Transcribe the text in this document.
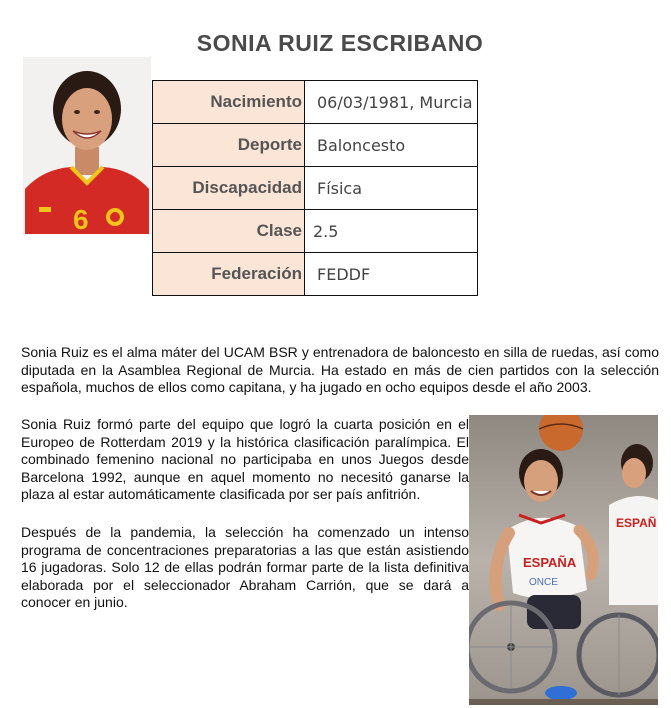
SONIA RUIZ ESCRIBANO
6
Nacimiento	06/03/1981, Murcia
Deporte	Baloncesto
Discapacidad	Física
Clase	2.5
Federación	FEDDF

Sonia Ruiz es el alma máter del UCAM BSR y entrenadora de baloncesto en silla de ruedas, así como diputada en la Asamblea Regional de Murcia. Ha estado en más de cien partidos con la selección española, muchos de ellos como capitana, y ha jugado en ocho equipos desde el año 2003.

Sonia Ruiz formó parte del equipo que logró la cuarta posición en el Europeo de Rotterdam 2019 y la histórica clasificación paralímpica. El combinado femenino nacional no participaba en unos Juegos desde Barcelona 1992, aunque en aquel momento no necesitó ganarse la plaza al estar automáticamente clasificada por ser país anfitrión.

Después de la pandemia, la selección ha comenzado un intenso programa de concentraciones preparatorias a las que están asistiendo 16 jugadoras. Solo 12 de ellas podrán formar parte de la lista definitiva elaborada por el seleccionador Abraham Carrión, que se dará a conocer en junio.

ESPAÑ
ESPAÑA
ONCE
